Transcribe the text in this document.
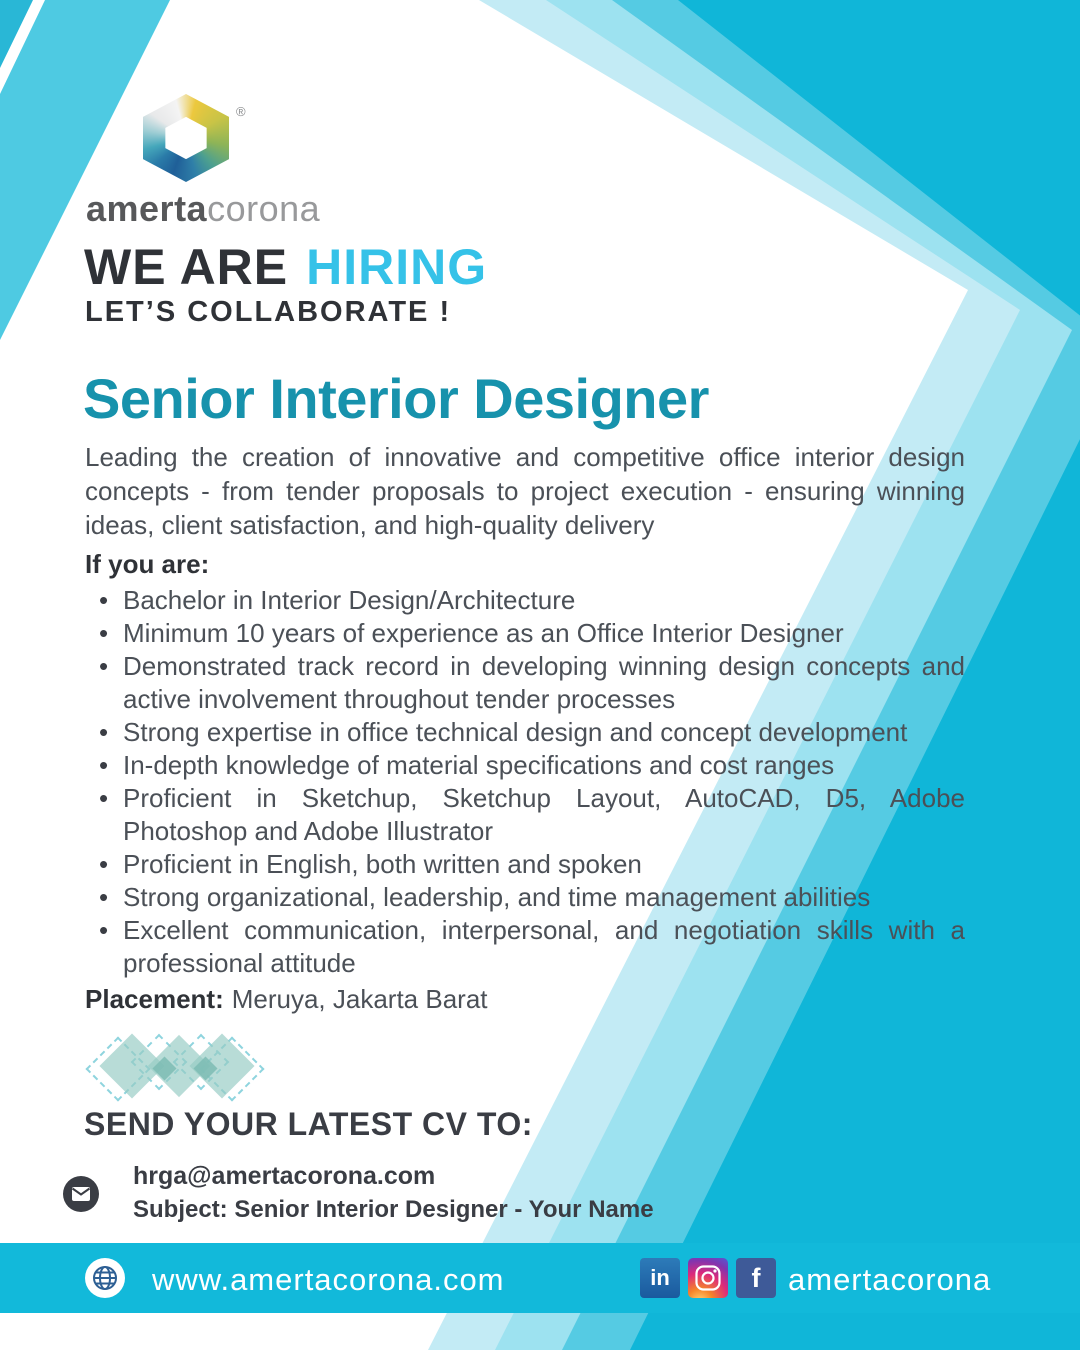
®
amertacorona
WE ARE HIRING
LET’S COLLABORATE !
Senior Interior Designer

Leading the creation of innovative and competitive office interior design concepts - from tender proposals to project execution - ensuring winning ideas, client satisfaction, and high-quality delivery

If you are:
• Bachelor in Interior Design/Architecture
• Minimum 10 years of experience as an Office Interior Designer
• Demonstrated track record in developing winning design concepts and active involvement throughout tender processes
• Strong expertise in office technical design and concept development
• In-depth knowledge of material specifications and cost ranges
• Proficient in Sketchup, Sketchup Layout, AutoCAD, D5, Adobe Photoshop and Adobe Illustrator
• Proficient in English, both written and spoken
• Strong organizational, leadership, and time management abilities
• Excellent communication, interpersonal, and negotiation skills with a professional attitude
Placement: Meruya, Jakarta Barat
SEND YOUR LATEST CV TO:
hrga@amertacorona.com
Subject: Senior Interior Designer - Your Name
www.amertacorona.com	in	f amertacorona
